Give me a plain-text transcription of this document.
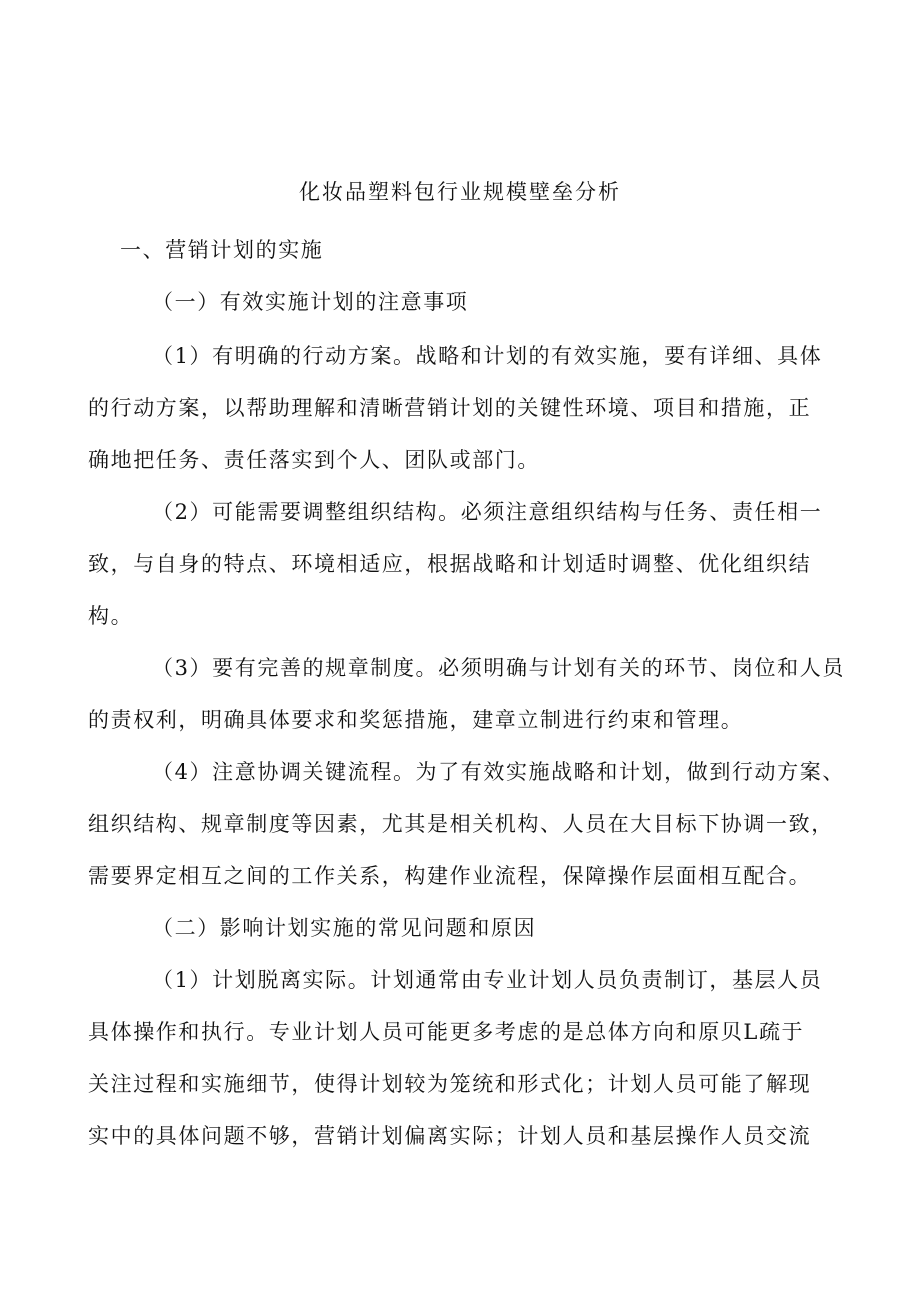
化妆品塑料包行业规模壁垒分析
一、营销计划的实施
（一）有效实施计划的注意事项
（1）有明确的行动方案。战略和计划的有效实施，要有详细、具体
的行动方案，以帮助理解和清晰营销计划的关键性环境、项目和措施，正
确地把任务、责任落实到个人、团队或部门。
（2）可能需要调整组织结构。必须注意组织结构与任务、责任相一
致，与自身的特点、环境相适应，根据战略和计划适时调整、优化组织结
构。
（3）要有完善的规章制度。必须明确与计划有关的环节、岗位和人员
的责权利，明确具体要求和奖惩措施，建章立制进行约束和管理。
（4）注意协调关键流程。为了有效实施战略和计划，做到行动方案、
组织结构、规章制度等因素，尤其是相关机构、人员在大目标下协调一致，
需要界定相互之间的工作关系，构建作业流程，保障操作层面相互配合。
（二）影响计划实施的常见问题和原因
（1）计划脱离实际。计划通常由专业计划人员负责制订，基层人员
具体操作和执行。专业计划人员可能更多考虑的是总体方向和原贝L疏于
关注过程和实施细节，使得计划较为笼统和形式化；计划人员可能了解现
实中的具体问题不够，营销计划偏离实际；计划人员和基层操作人员交流
